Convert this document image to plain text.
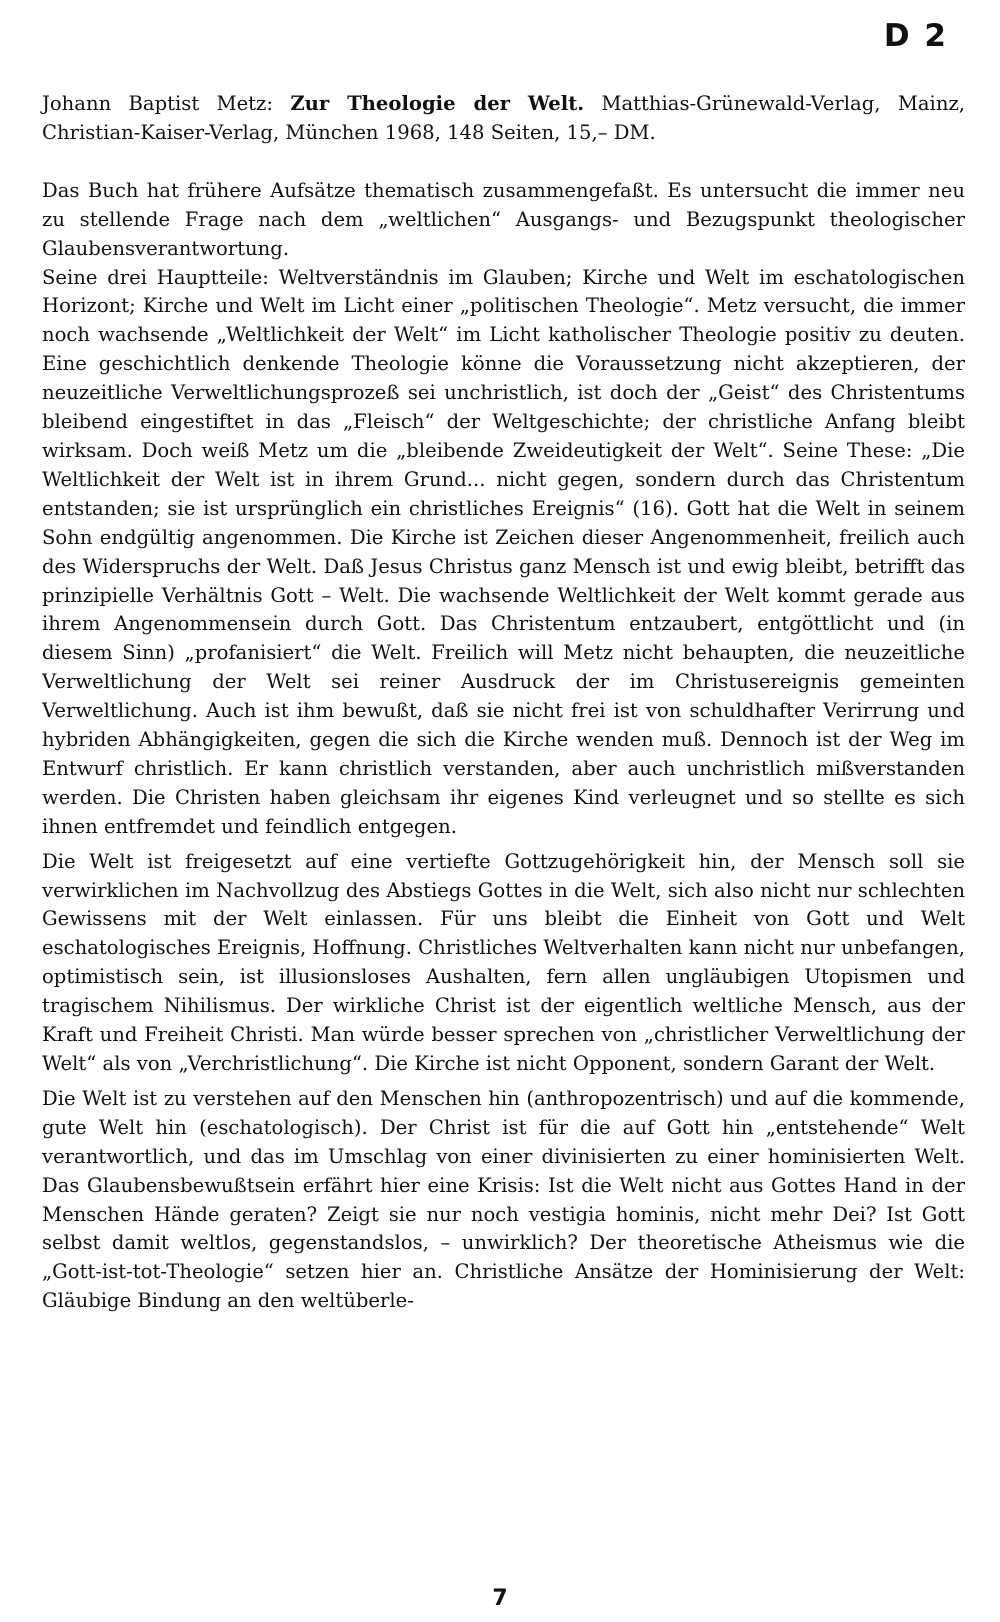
D 2

Johann Baptist Metz: Zur Theologie der Welt. Matthias-Grünewald-Verlag, Mainz, Christian-Kaiser-Verlag, München 1968, 148 Seiten, 15,– DM.

Das Buch hat frühere Aufsätze thematisch zusammengefaßt. Es untersucht die immer neu zu stellende Frage nach dem „weltlichen“ Ausgangs- und Bezugspunkt theologischer Glaubensverantwortung.

Seine drei Hauptteile: Weltverständnis im Glauben; Kirche und Welt im eschatologischen Horizont; Kirche und Welt im Licht einer „politischen Theologie“. Metz versucht, die immer noch wachsende „Weltlichkeit der Welt“ im Licht katholischer Theologie positiv zu deuten. Eine geschichtlich denkende Theologie könne die Voraussetzung nicht akzeptieren, der neuzeitliche Verweltlichungsprozeß sei unchristlich, ist doch der „Geist“ des Christentums bleibend eingestiftet in das „Fleisch“ der Weltgeschichte; der christliche Anfang bleibt wirksam. Doch weiß Metz um die „bleibende Zweideutigkeit der Welt“. Seine These: „Die Weltlichkeit der Welt ist in ihrem Grund... nicht gegen, sondern durch das Christentum entstanden; sie ist ursprünglich ein christliches Ereignis“ (16). Gott hat die Welt in seinem Sohn endgültig angenommen. Die Kirche ist Zeichen dieser Angenommenheit, freilich auch des Widerspruchs der Welt. Daß Jesus Christus ganz Mensch ist und ewig bleibt, betrifft das prinzipielle Verhältnis Gott – Welt. Die wachsende Weltlichkeit der Welt kommt gerade aus ihrem Angenommensein durch Gott. Das Christentum entzaubert, entgöttlicht und (in diesem Sinn) „profanisiert“ die Welt. Freilich will Metz nicht behaupten, die neuzeitliche Verweltlichung der Welt sei reiner Ausdruck der im Christusereignis gemeinten Verweltlichung. Auch ist ihm bewußt, daß sie nicht frei ist von schuldhafter Verirrung und hybriden Abhängigkeiten, gegen die sich die Kirche wenden muß. Dennoch ist der Weg im Entwurf christlich. Er kann christlich verstanden, aber auch unchristlich mißverstanden werden. Die Christen haben gleichsam ihr eigenes Kind verleugnet und so stellte es sich ihnen entfremdet und feindlich entgegen.

Die Welt ist freigesetzt auf eine vertiefte Gottzugehörigkeit hin, der Mensch soll sie verwirklichen im Nachvollzug des Abstiegs Gottes in die Welt, sich also nicht nur schlechten Gewissens mit der Welt einlassen. Für uns bleibt die Einheit von Gott und Welt eschatologisches Ereignis, Hoffnung. Christliches Weltverhalten kann nicht nur unbefangen, optimistisch sein, ist illusionsloses Aushalten, fern allen ungläubigen Utopismen und tragischem Nihilismus. Der wirkliche Christ ist der eigentlich weltliche Mensch, aus der Kraft und Freiheit Christi. Man würde besser sprechen von „christlicher Verweltlichung der Welt“ als von „Verchristlichung“. Die Kirche ist nicht Opponent, sondern Garant der Welt.

Die Welt ist zu verstehen auf den Menschen hin (anthropozentrisch) und auf die kommende, gute Welt hin (eschatologisch). Der Christ ist für die auf Gott hin „entstehende“ Welt verantwortlich, und das im Umschlag von einer divinisierten zu einer hominisierten Welt. Das Glaubensbewußtsein erfährt hier eine Krisis: Ist die Welt nicht aus Gottes Hand in der Menschen Hände geraten? Zeigt sie nur noch vestigia hominis, nicht mehr Dei? Ist Gott selbst damit weltlos, gegenstandslos, – unwirklich? Der theoretische Atheismus wie die „Gott-ist-tot-Theologie“ setzen hier an. Christliche Ansätze der Hominisierung der Welt: Gläubige Bindung an den weltüberle-

7
